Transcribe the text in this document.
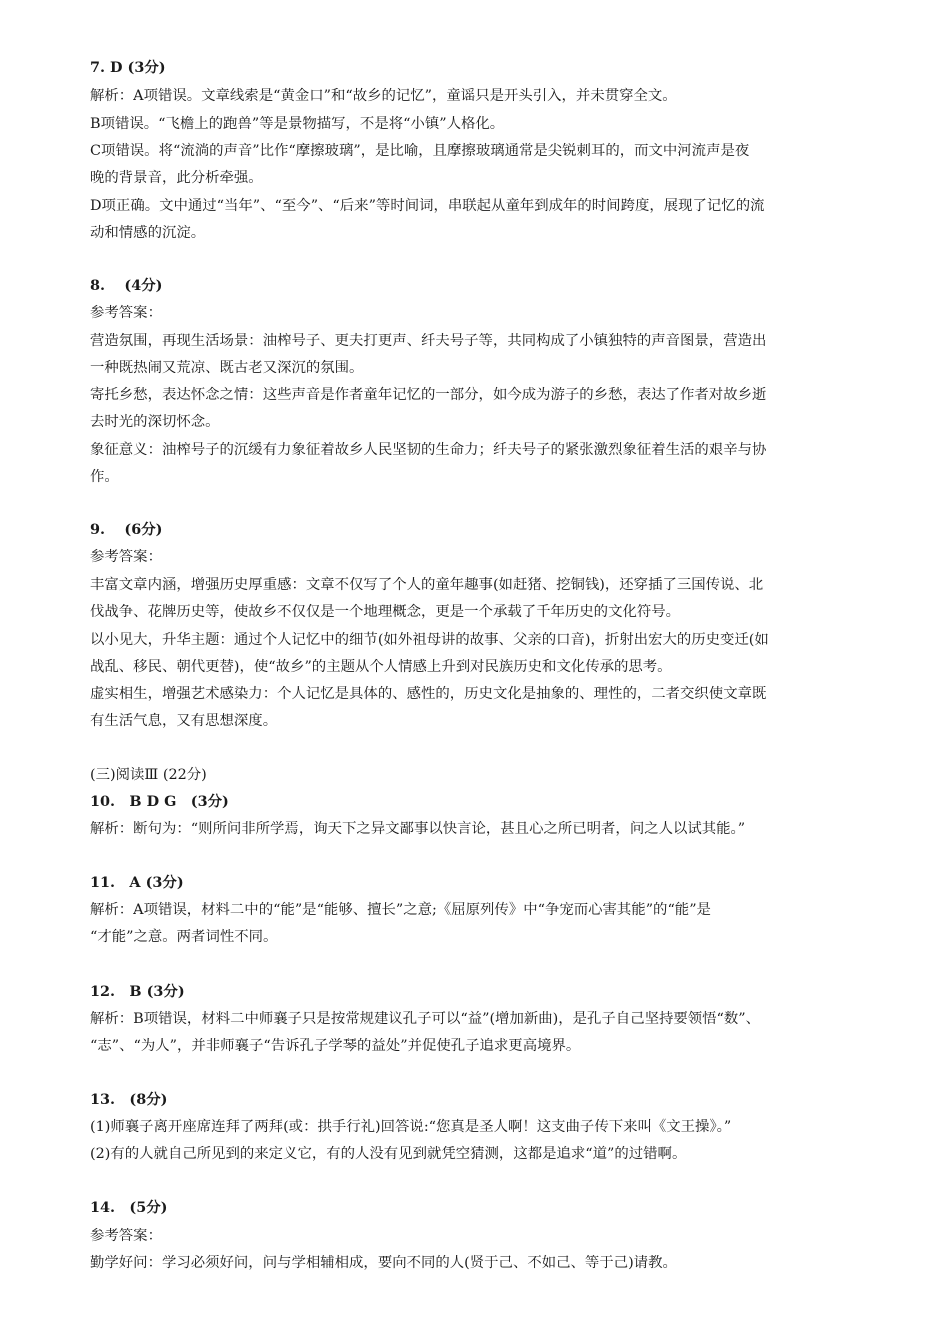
7. D (3分)
解析：A项错误。文章线索是“黄金口”和“故乡的记忆”，童谣只是开头引入，并未贯穿全文。
B项错误。“飞檐上的跑兽”等是景物描写，不是将“小镇”人格化。
C项错误。将“流淌的声音”比作“摩擦玻璃”，是比喻，且摩擦玻璃通常是尖锐刺耳的，而文中河流声是夜
晚的背景音，此分析牵强。
D项正确。文中通过“当年”、“至今”、“后来”等时间词，串联起从童年到成年的时间跨度，展现了记忆的流
动和情感的沉淀。
8.　 (4分)
参考答案：
营造氛围，再现生活场景：油榨号子、更夫打更声、纤夫号子等，共同构成了小镇独特的声音图景，营造出
一种既热闹又荒凉、既古老又深沉的氛围。
寄托乡愁，表达怀念之情：这些声音是作者童年记忆的一部分，如今成为游子的乡愁，表达了作者对故乡逝
去时光的深切怀念。
象征意义：油榨号子的沉缓有力象征着故乡人民坚韧的生命力；纤夫号子的紧张激烈象征着生活的艰辛与协
作。
9.　 (6分)
参考答案：
丰富文章内涵，增强历史厚重感：文章不仅写了个人的童年趣事(如赶猪、挖铜钱)，还穿插了三国传说、北
伐战争、花牌历史等，使故乡不仅仅是一个地理概念，更是一个承载了千年历史的文化符号。
以小见大，升华主题：通过个人记忆中的细节(如外祖母讲的故事、父亲的口音)，折射出宏大的历史变迁(如
战乱、移民、朝代更替)，使“故乡”的主题从个人情感上升到对民族历史和文化传承的思考。
虚实相生，增强艺术感染力：个人记忆是具体的、感性的，历史文化是抽象的、理性的，二者交织使文章既
有生活气息，又有思想深度。
(三)阅读Ⅲ (22分)
10.　B D G　(3分)
解析：断句为：“则所问非所学焉，询天下之异文鄙事以快言论，甚且心之所已明者，问之人以试其能。”
11.　A (3分)
解析：A项错误，材料二中的“能”是“能够、擅长”之意;《屈原列传》中“争宠而心害其能”的“能”是
“才能”之意。两者词性不同。
12.　B (3分)
解析：B项错误，材料二中师襄子只是按常规建议孔子可以“益”(增加新曲)，是孔子自己坚持要领悟“数”、
“志”、“为人”，并非师襄子“告诉孔子学琴的益处”并促使孔子追求更高境界。
13.　(8分)
(1)师襄子离开座席连拜了两拜(或：拱手行礼)回答说:“您真是圣人啊！这支曲子传下来叫《文王操》。”
(2)有的人就自己所见到的来定义它，有的人没有见到就凭空猜测，这都是追求“道”的过错啊。
14.　(5分)
参考答案：
勤学好问：学习必须好问，问与学相辅相成，要向不同的人(贤于己、不如己、等于己)请教。
